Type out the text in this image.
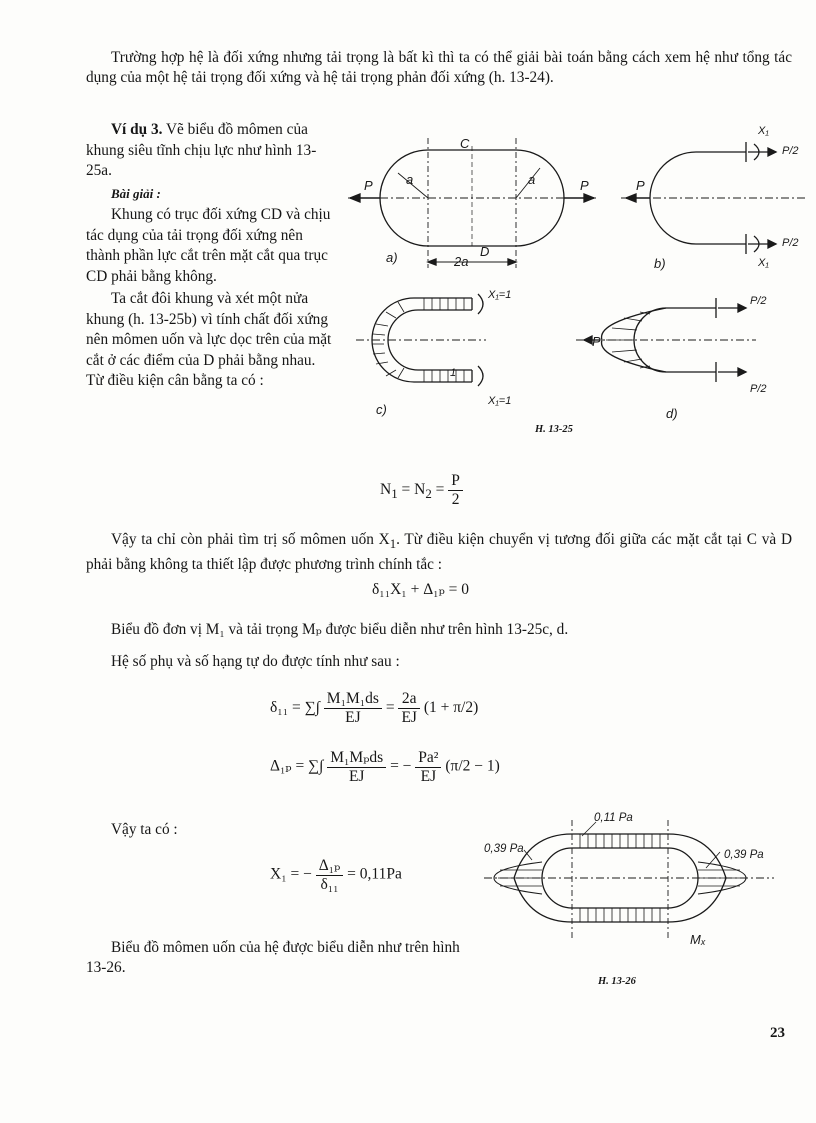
Trường hợp hệ là đối xứng nhưng tải trọng là bất kì thì ta có thể giải bài toán bằng cách xem hệ như tổng tác dụng của một hệ tải trọng đối xứng và hệ tải trọng phản đối xứng (h. 13-24).
Ví dụ 3. Vẽ biểu đồ mômen của khung siêu tĩnh chịu lực như hình 13-25a.
Bài giải :
Khung có trục đối xứng CD và chịu tác dụng của tải trọng đối xứng nên thành phần lực cắt trên mặt cắt qua trục CD phải bằng không.
Ta cắt đôi khung và xét một nửa khung (h. 13-25b) vì tính chất đối xứng nên mômen uốn và lực dọc trên của mặt cắt ở các điểm của D phải bằng nhau. Từ điều kiện cân bằng ta có :
P	P
C
D
a	a
2a
a)
P
b)
X₁
X₁
P/2
P/2
X₁=1
X₁=1
1
c)
P
P/2
P/2
d)
H. 13-25
$N_1 = N_2 = \frac{P}{2}$
Vậy ta chỉ còn phải tìm trị số mômen uốn $X_1$. Từ điều kiện chuyển vị tương đối giữa các mặt cắt tại C và D phải bằng không ta thiết lập được phương trình chính tắc :
δ₁₁X₁ + Δ₁ₚ = 0
Biểu đồ đơn vị M₁ và tải trọng Mₚ được biểu diễn như trên hình 13-25c, d.
Hệ số phụ và số hạng tự do được tính như sau :
δ₁₁ = ∑∫ $\frac{\text{M₁M₁ds}}{EJ} = \frac{2a}{EJ} (1 + \pi/2)$
Δ₁ₚ = ∑∫ $\frac{\text{M₁Mₚds}}{EJ}$ = − $\frac{\text{Pa²}}{EJ} (\pi/2 - 1)$
Vậy ta có :
X₁ = − $\frac{\text{Δ₁ₚ}}{\text{δ₁₁}} = 0,11Pa$
Biểu đồ mômen uốn của hệ được biểu diễn như trên hình 13-26.
0,11 Pa
0,39 Pa	0,39 Pa
Mₓ
H. 13-26
23
